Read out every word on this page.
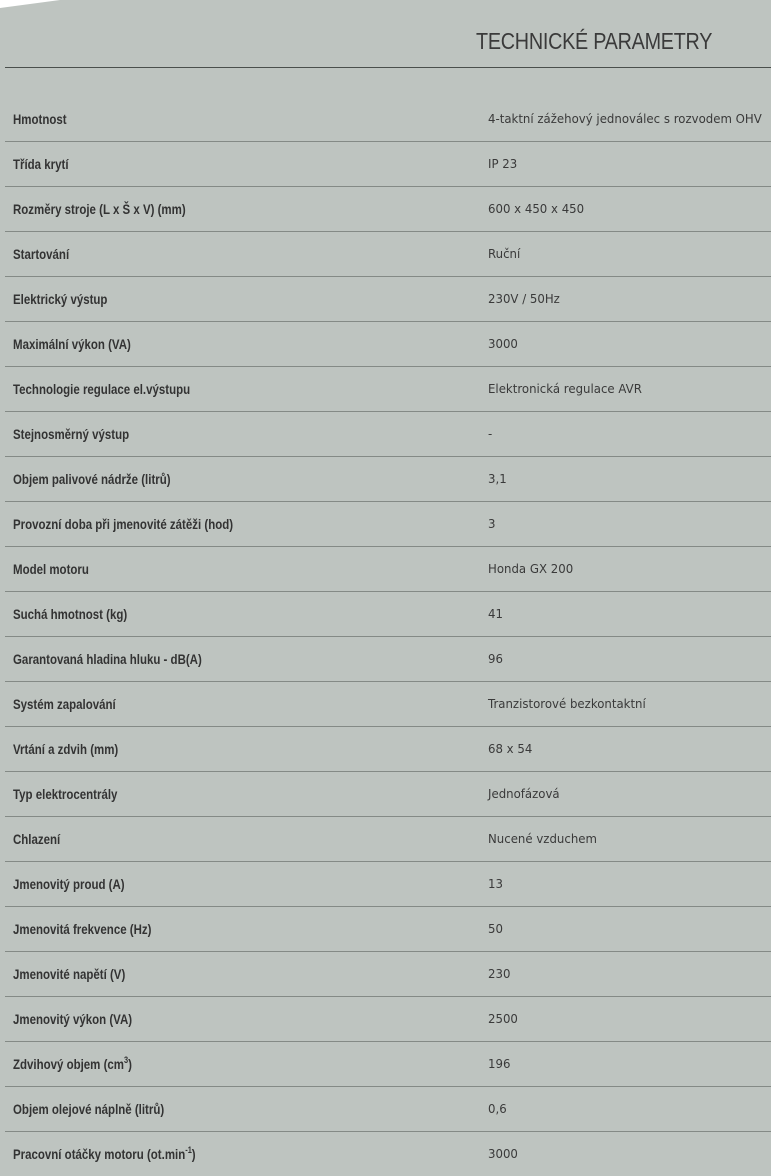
TECHNICKÉ PARAMETRY
Hmotnost	4-taktní zážehový jednoválec s rozvodem OHV
Třída krytí	IP 23
Rozměry stroje (L x Š x V) (mm)	600 x 450 x 450
Startování	Ruční
Elektrický výstup	230V / 50Hz
Maximální výkon (VA)	3000
Technologie regulace el.výstupu	Elektronická regulace AVR
Stejnosměrný výstup	-
Objem palivové nádrže (litrů)	3,1
Provozní doba při jmenovité zátěži (hod)	3
Model motoru	Honda GX 200
Suchá hmotnost (kg)	41
Garantovaná hladina hluku - dB(A)	96
Systém zapalování	Tranzistorové bezkontaktní
Vrtání a zdvih (mm)	68 x 54
Typ elektrocentrály	Jednofázová
Chlazení	Nucené vzduchem
Jmenovitý proud (A)	13
Jmenovitá frekvence (Hz)	50
Jmenovité napětí (V)	230
Jmenovitý výkon (VA)	2500
Zdvihový objem $(cm^3)$	196
Objem olejové náplně (litrů)	0,6
Pracovní otáčky motoru $(ot.\min^{-1})$	3000
